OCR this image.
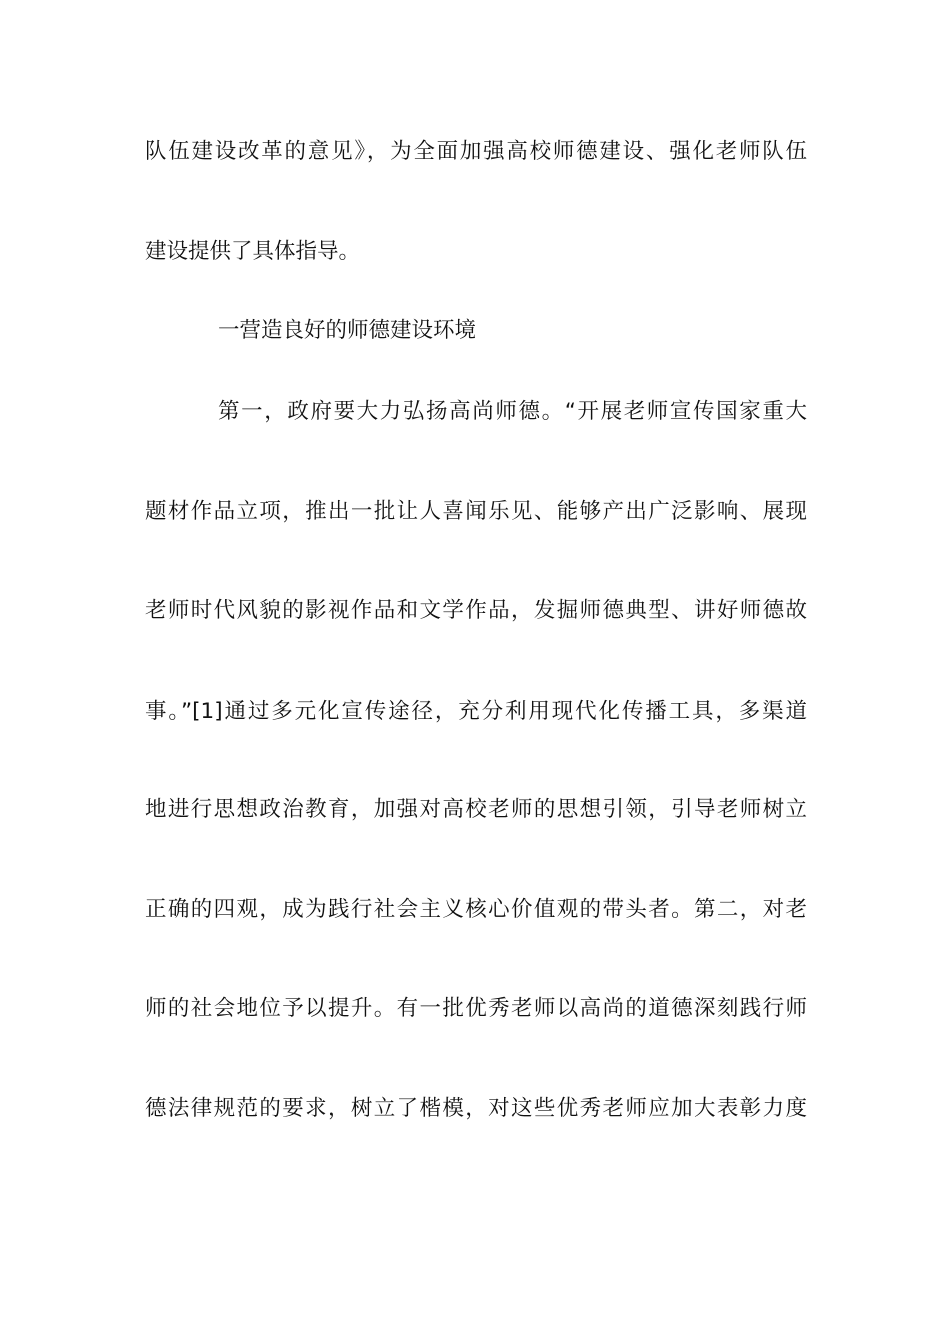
队伍建设改革的意见》，为全面加强高校师德建设、强化老师队伍
建设提供了具体指导。
一营造良好的师德建设环境
第一，政府要大力弘扬高尚师德。“开展老师宣传国家重大
题材作品立项，推出一批让人喜闻乐见、能够产出广泛影响、展现
老师时代风貌的影视作品和文学作品，发掘师德典型、讲好师德故
事。”[1]通过多元化宣传途径，充分利用现代化传播工具，多渠道
地进行思想政治教育，加强对高校老师的思想引领，引导老师树立
正确的四观，成为践行社会主义核心价值观的带头者。第二，对老
师的社会地位予以提升。有一批优秀老师以高尚的道德深刻践行师
德法律规范的要求，树立了楷模，对这些优秀老师应加大表彰力度
